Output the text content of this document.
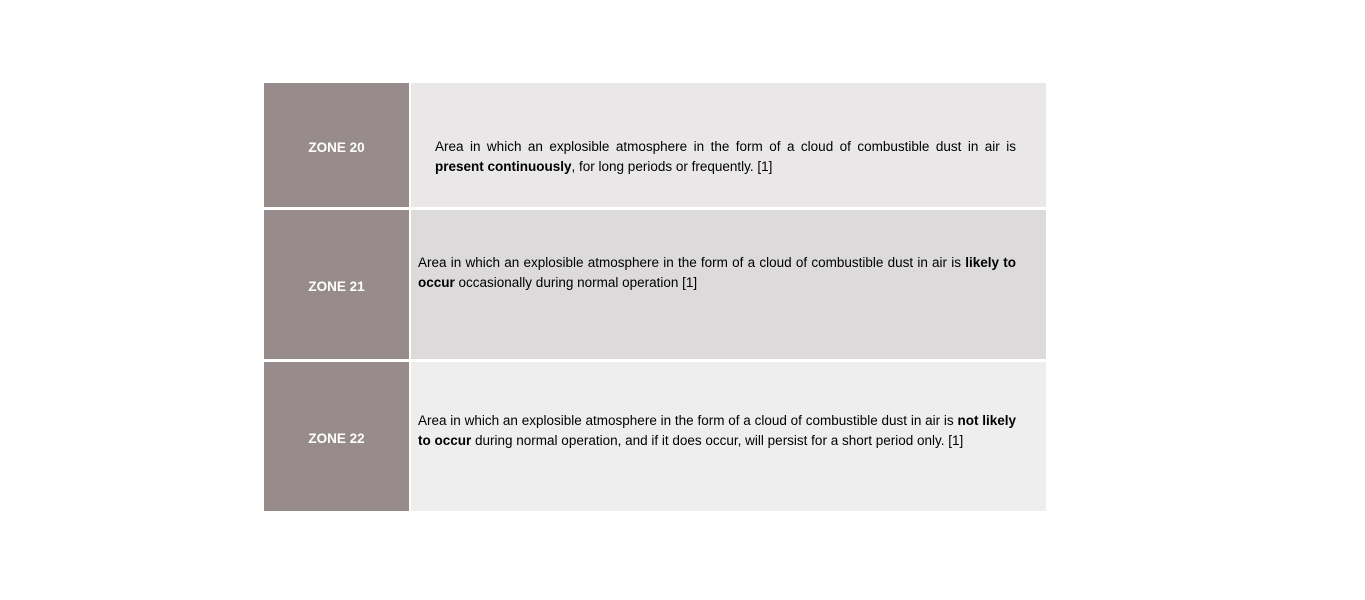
ZONE 20	Area in which an explosible atmosphere in the form of a cloud of combustible dust in air is present continuously, for long periods or frequently. [1]

ZONE 21

Area in which an explosible atmosphere in the form of a cloud of combustible dust in air is likely to occur occasionally during normal operation [1]

ZONE 22

Area in which an explosible atmosphere in the form of a cloud of combustible dust in air is not likely to occur during normal operation, and if it does occur, will persist for a short period only. [1]
